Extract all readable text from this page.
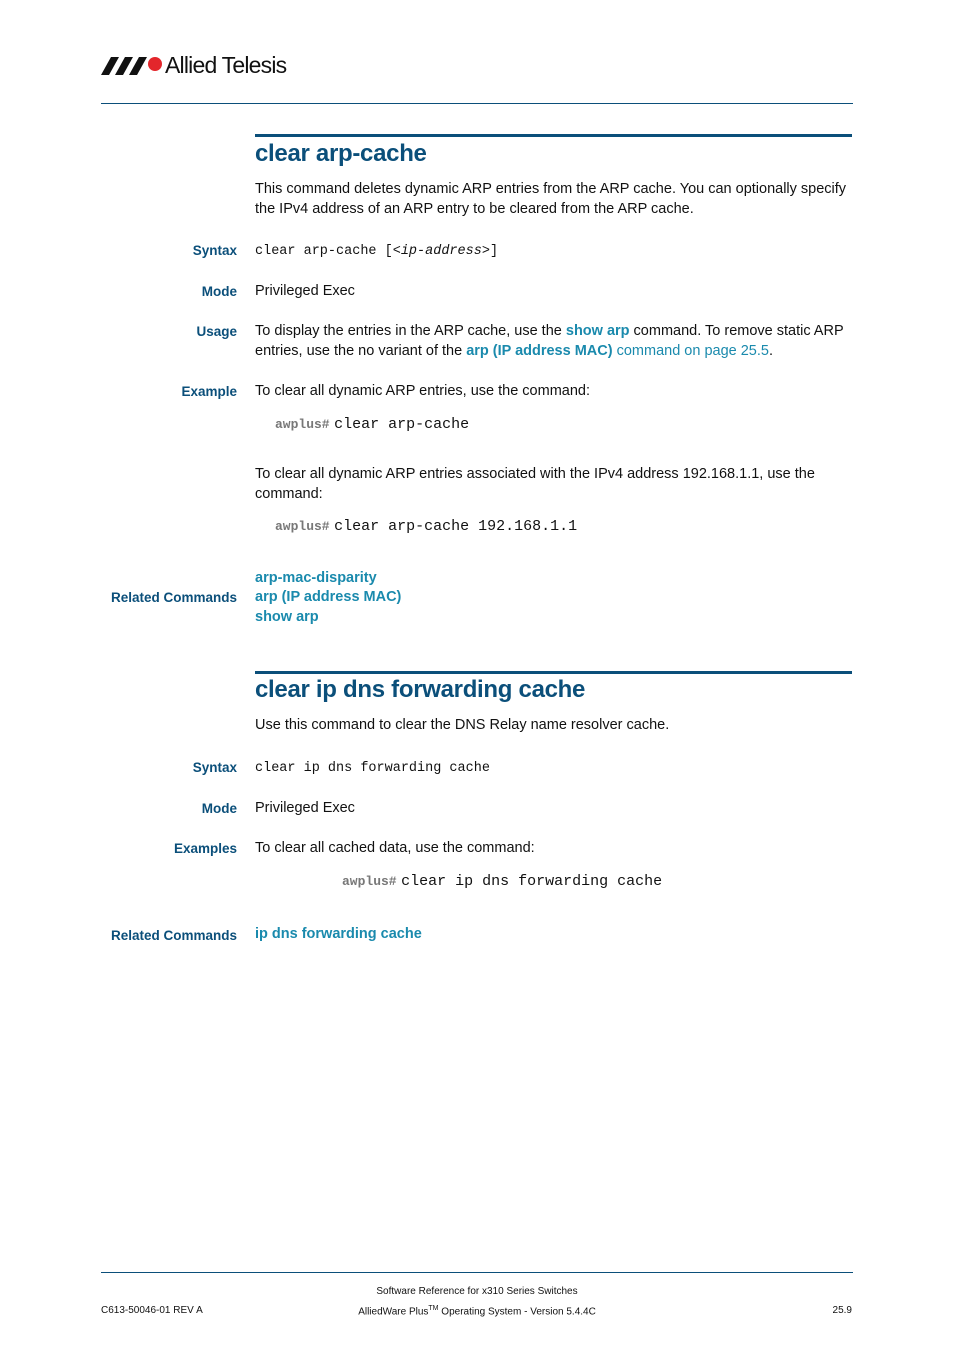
Allied Telesis
clear arp-cache
This command deletes dynamic ARP entries from the ARP cache. You can optionally specify the IPv4 address of an ARP entry to be cleared from the ARP cache.
Syntax clear arp-cache [<ip-address>]
Mode Privileged Exec
Usage To display the entries in the ARP cache, use the show arp command. To remove static ARP entries, use the no variant of the arp (IP address MAC) command on page 25.5.
Example To clear all dynamic ARP entries, use the command:
awplus# clear arp-cache
To clear all dynamic ARP entries associated with the IPv4 address 192.168.1.1, use the command:
awplus# clear arp-cache 192.168.1.1
Related Commands
arp-mac-disparity
arp (IP address MAC)
show arp
clear ip dns forwarding cache
Use this command to clear the DNS Relay name resolver cache.
Syntax clear ip dns forwarding cache
Mode Privileged Exec
Examples To clear all cached data, use the command:
awplus# clear ip dns forwarding cache
Related Commands ip dns forwarding cache
Software Reference for x310 Series Switches
C613-50046-01 REV A	AlliedWare Plus™ Operating System - Version 5.4.4C	25.9
